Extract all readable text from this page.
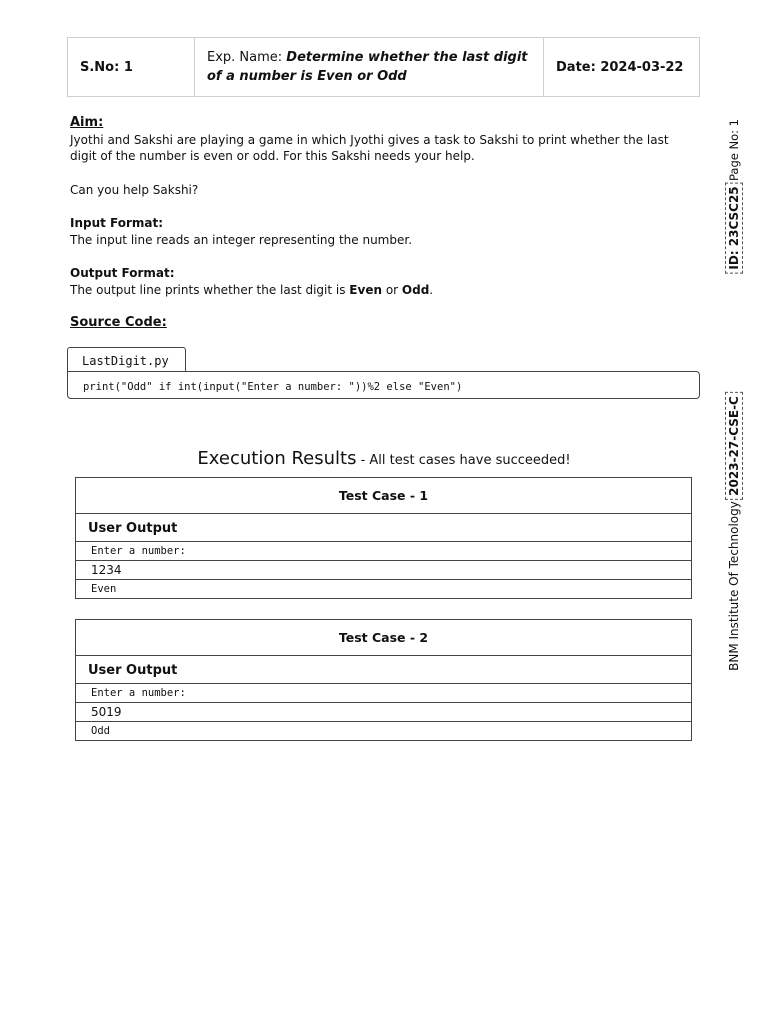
S.No: 1	Exp. Name: Determine whether the last digit of a number is Even or Odd	Date: 2024-03-22

Aim:

Jyothi and Sakshi are playing a game in which Jyothi gives a task to Sakshi to print whether the last digit of the number is even or odd. For this Sakshi needs your help.

Can you help Sakshi?

Input Format:

The input line reads an integer representing the number.

Output Format:

The output line prints whether the last digit is Even or Odd.

Source Code:

LastDigit.py
print("Odd" if int(input("Enter a number: "))%2 else "Even")
Execution Results - All test cases have succeeded!
Test Case - 1
User Output
Enter a number:
1234
Even
Test Case - 2
User Output
Enter a number:
5019
Odd
Page No: 1
ID: 23CSC25
2023-27-CSE-C
BNM Institute Of Technology
